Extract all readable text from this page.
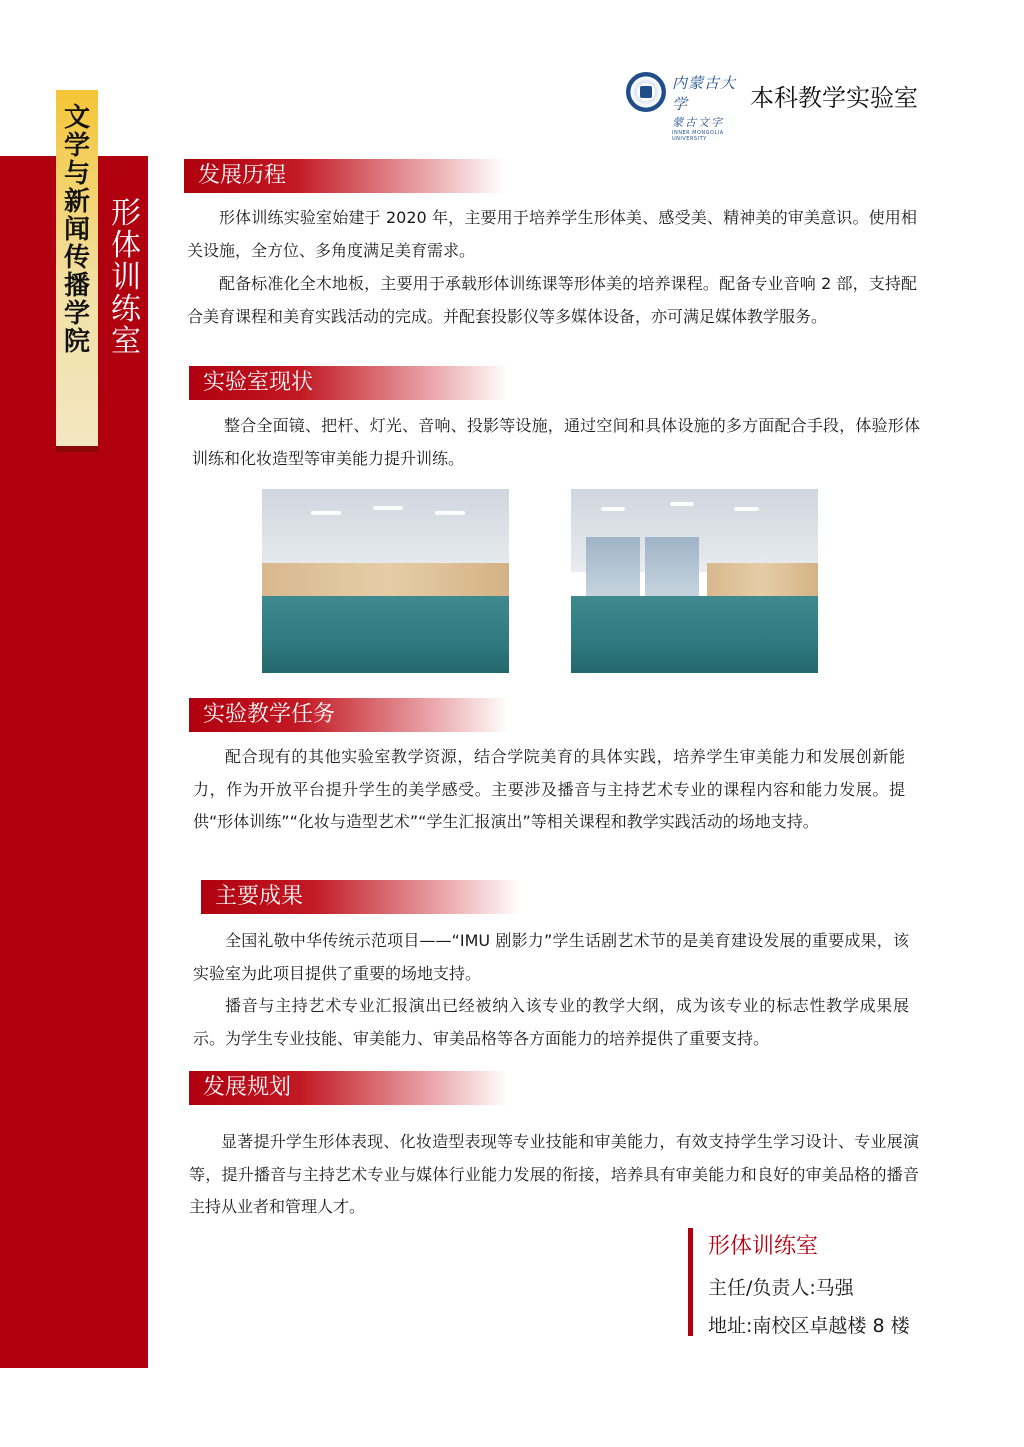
文
学
与
新
闻
传
播
学
院
形
体
训
练
室
内蒙古大学
蒙古文字
INNER MONGOLIA UNIVERSITY
本科教学实验室
发展历程
形体训练实验室始建于 2020 年，主要用于培养学生形体美、感受美、精神美的审美意识。使用相关设施，全方位、多角度满足美育需求。
配备标准化全木地板，主要用于承载形体训练课等形体美的培养课程。配备专业音响 2 部，支持配合美育课程和美育实践活动的完成。并配套投影仪等多媒体设备，亦可满足媒体教学服务。
实验室现状
整合全面镜、把杆、灯光、音响、投影等设施，通过空间和具体设施的多方面配合手段，体验形体训练和化妆造型等审美能力提升训练。
实验教学任务
配合现有的其他实验室教学资源，结合学院美育的具体实践，培养学生审美能力和发展创新能力，作为开放平台提升学生的美学感受。主要涉及播音与主持艺术专业的课程内容和能力发展。提供“形体训练”“化妆与造型艺术”“学生汇报演出”等相关课程和教学实践活动的场地支持。
主要成果
全国礼敬中华传统示范项目——“IMU 剧影力”学生话剧艺术节的是美育建设发展的重要成果，该实验室为此项目提供了重要的场地支持。
播音与主持艺术专业汇报演出已经被纳入该专业的教学大纲，成为该专业的标志性教学成果展示。为学生专业技能、审美能力、审美品格等各方面能力的培养提供了重要支持。
发展规划
显著提升学生形体表现、化妆造型表现等专业技能和审美能力，有效支持学生学习设计、专业展演等，提升播音与主持艺术专业与媒体行业能力发展的衔接，培养具有审美能力和良好的审美品格的播音主持从业者和管理人才。
形体训练室
主任/负责人:马强
地址:南校区卓越楼 8 楼
